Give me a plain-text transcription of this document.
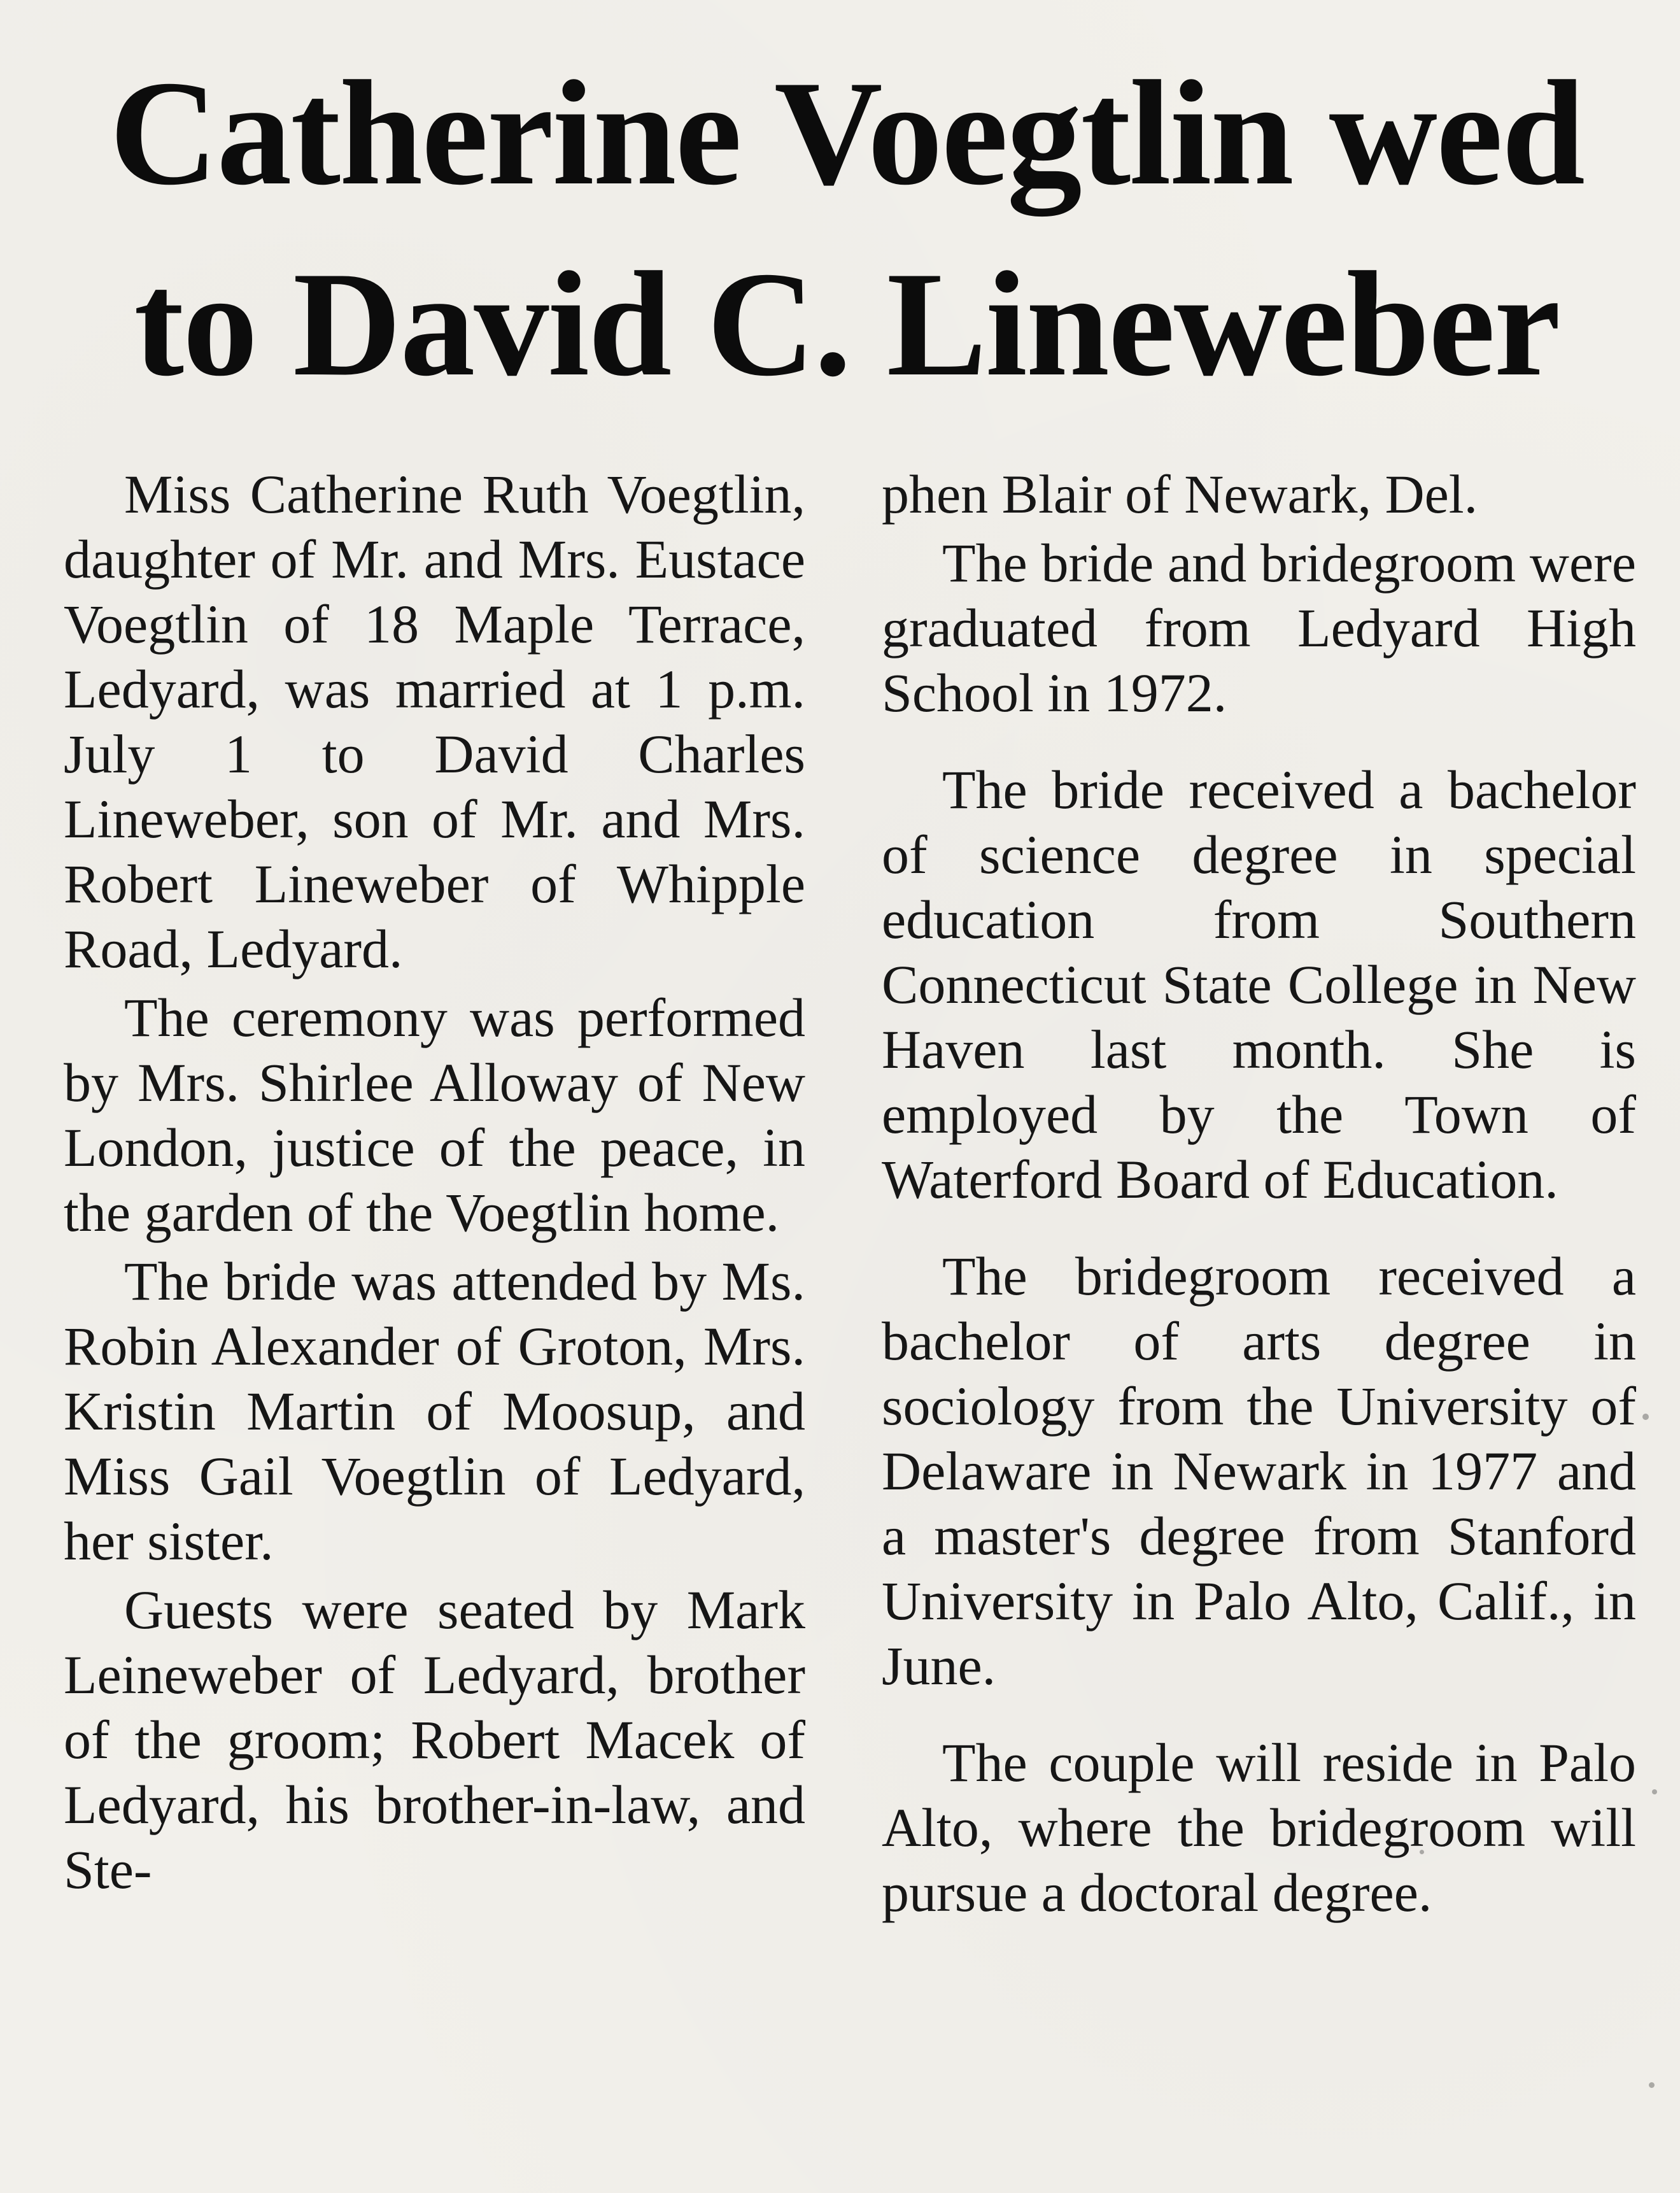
Catherine Voegtlin wed
to David C. Lineweber

Miss Catherine Ruth Voegtlin, daughter of Mr. and Mrs. Eustace Voegtlin of 18 Maple Terrace, Ledyard, was married at 1 p.m. July 1 to David Charles Lineweber, son of Mr. and Mrs. Robert Lineweber of Whipple Road, Ledyard.

The ceremony was performed by Mrs. Shirlee Alloway of New London, justice of the peace, in the garden of the Voegtlin home.

The bride was attended by Ms. Robin Alexander of Groton, Mrs. Kristin Martin of Moosup, and Miss Gail Voegtlin of Ledyard, her sister.

Guests were seated by Mark Leineweber of Ledyard, brother of the groom; Robert Macek of Ledyard, his brother-in-law, and Ste-

phen Blair of Newark, Del.

The bride and bridegroom were graduated from Ledyard High School in 1972.

The bride received a bachelor of science degree in special education from Southern Connecticut State College in New Haven last month. She is employed by the Town of Waterford Board of Education.

The bridegroom received a bachelor of arts degree in sociology from the University of Delaware in Newark in 1977 and a master's degree from Stanford University in Palo Alto, Calif., in June.

The couple will reside in Palo Alto, where the bridegroom will pursue a doctoral degree.
